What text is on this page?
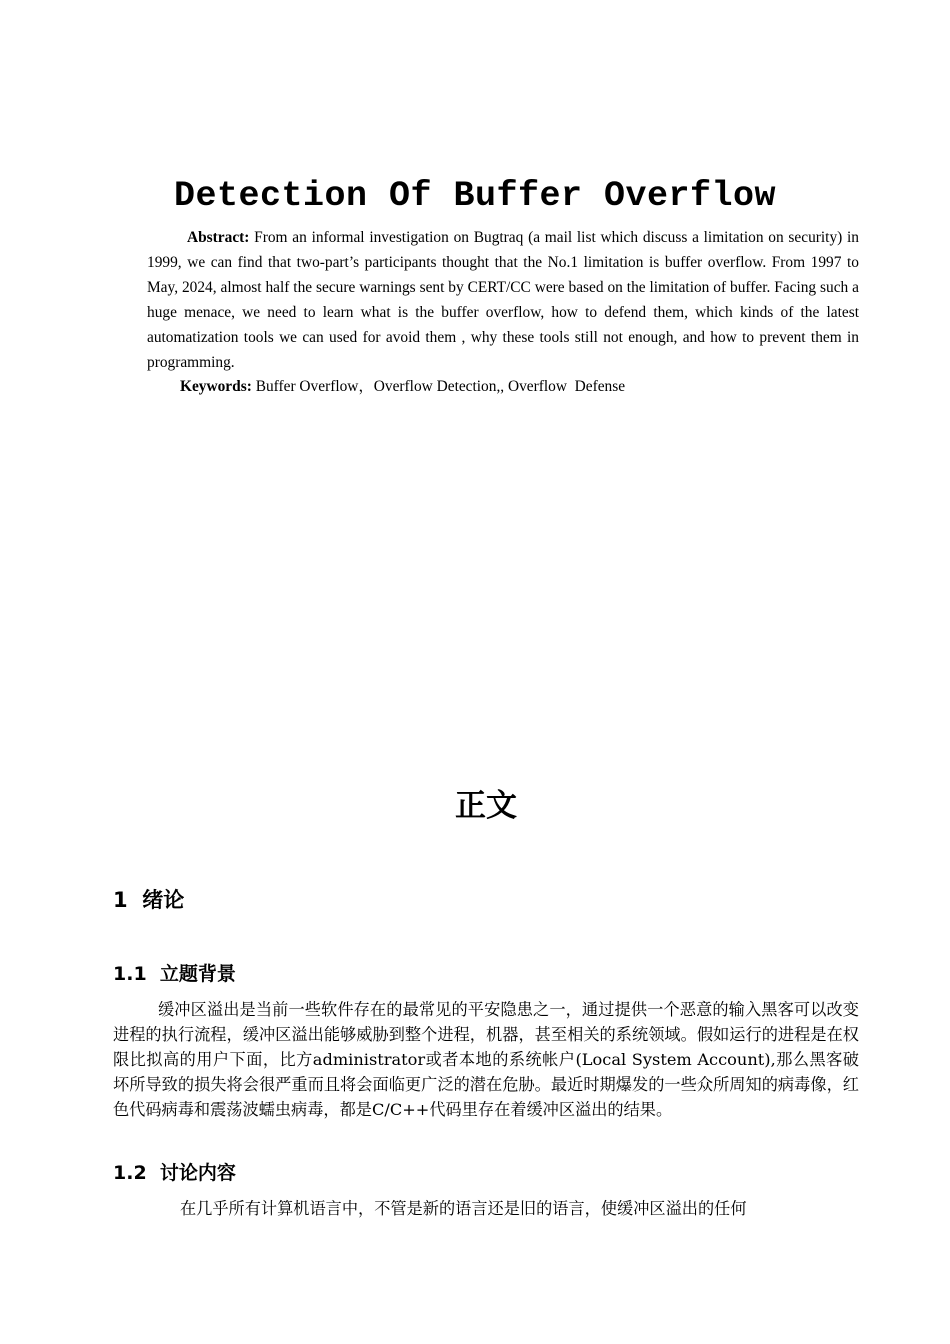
Detection Of Buffer Overflow
Abstract: From an informal investigation on Bugtraq (a mail list which discuss a limitation on security) in 1999, we can find that two-part’s participants thought that the No.1 limitation is buffer overflow. From 1997 to May, 2024, almost half the secure warnings sent by CERT/CC were based on the limitation of buffer. Facing such a huge menace, we need to learn what is the buffer overflow, how to defend them, which kinds of the latest automatization tools we can used for avoid them , why these tools still not enough, and how to prevent them in programming.
Keywords: Buffer Overflow，Overflow Detection,, Overflow  Defense
正文
1  绪论
1.1  立题背景
缓冲区溢出是当前一些软件存在的最常见的平安隐患之一，通过提供一个恶意的输入黑客可以改变进程的执行流程，缓冲区溢出能够威胁到整个进程，机器，甚至相关的系统领域。假如运行的进程是在权限比拟高的用户下面，比方administrator或者本地的系统帐户(Local System Account),那么黑客破坏所导致的损失将会很严重而且将会面临更广泛的潜在危胁。最近时期爆发的一些众所周知的病毒像，红色代码病毒和震荡波蠕虫病毒，都是C/C++代码里存在着缓冲区溢出的结果。
1.2  讨论内容
在几乎所有计算机语言中，不管是新的语言还是旧的语言，使缓冲区溢出的任何
